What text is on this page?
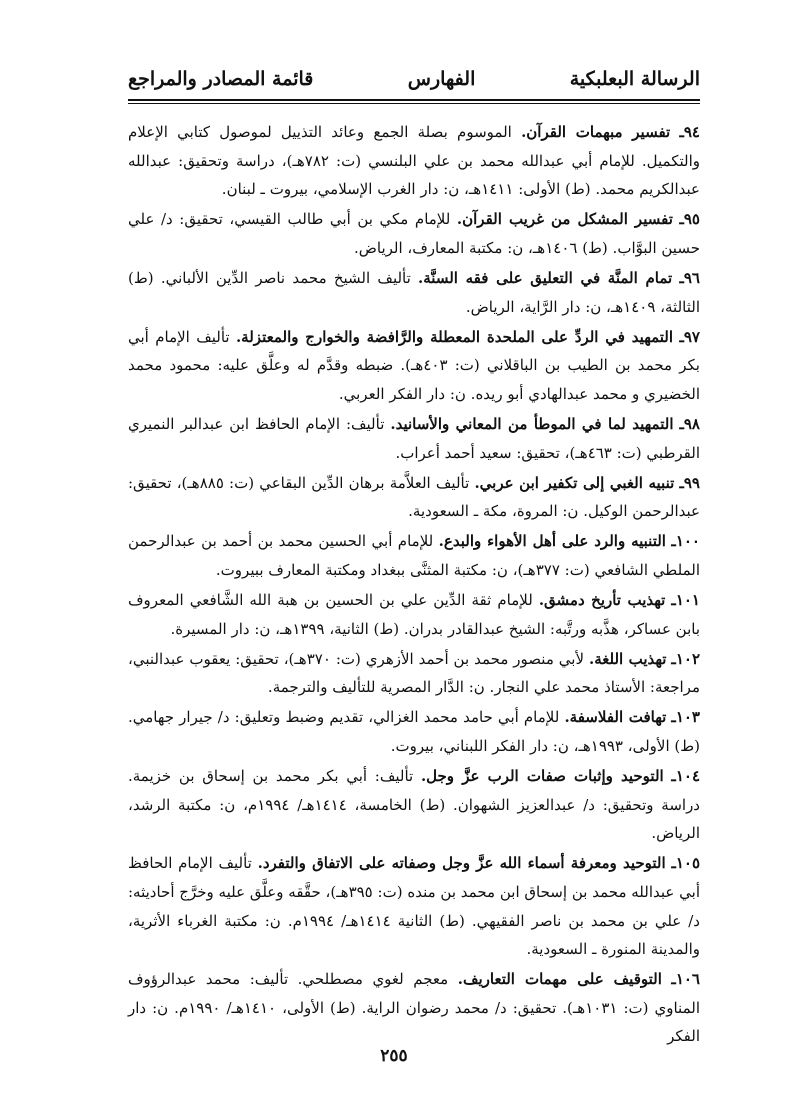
الرسالة البعلبكية
الفهارس
قائمة المصادر والمراجع

٩٤ـ تفسير مبهمات القرآن. الموسوم بصلة الجمع وعائد التذييل لموصول كتابي الإعلام والتكميل. للإمام أبي عبدالله محمد بن علي البلنسي (ت: ٧٨٢هـ)، دراسة وتحقيق: عبدالله عبدالكريم محمد. (ط) الأولى: ١٤١١هـ، ن: دار الغرب الإسلامي، بيروت ـ لبنان.

٩٥ـ تفسير المشكل من غريب القرآن. للإمام مكي بن أبي طالب القيسي، تحقيق: د/ علي حسين البوَّاب. (ط) ١٤٠٦هـ، ن: مكتبة المعارف، الرياض.

٩٦ـ تمام المنَّة في التعليق على فقه السنَّة. تأليف الشيخ محمد ناصر الدِّين الألباني. (ط) الثالثة، ١٤٠٩هـ، ن: دار الرَّاية، الرياض.

٩٧ـ التمهيد في الردِّ على الملحدة المعطلة والرَّافضة والخوارج والمعتزلة. تأليف الإمام أبي بكر محمد بن الطيب بن الباقلاني (ت: ٤٠٣هـ). ضبطه وقدَّم له وعلَّق عليه: محمود محمد الخضيري و محمد عبدالهادي أبو ريده. ن: دار الفكر العربي.

٩٨ـ التمهيد لما في الموطأ من المعاني والأسانيد. تأليف: الإمام الحافظ ابن عبدالبر النميري القرطبي (ت: ٤٦٣هـ)، تحقيق: سعيد أحمد أعراب.

٩٩ـ تنبيه الغبي إلى تكفير ابن عربي. تأليف العلاَّمة برهان الدِّين البقاعي (ت: ٨٨٥هـ)، تحقيق: عبدالرحمن الوكيل. ن: المروة، مكة ـ السعودية.

١٠٠ـ التنبيه والرد على أهل الأهواء والبدع. للإمام أبي الحسين محمد بن أحمد بن عبدالرحمن الملطي الشافعي (ت: ٣٧٧هـ)، ن: مكتبة المثنَّى ببغداد ومكتبة المعارف ببيروت.

١٠١ـ تهذيب تأريخ دمشق. للإمام ثقة الدِّين علي بن الحسين بن هبة الله الشَّافعي المعروف بابن عساكر، هذَّبه ورتَّبه: الشيخ عبدالقادر بدران. (ط) الثانية، ١٣٩٩هـ، ن: دار المسيرة.

١٠٢ـ تهذيب اللغة. لأبي منصور محمد بن أحمد الأزهري (ت: ٣٧٠هـ)، تحقيق: يعقوب عبدالنبي، مراجعة: الأستاذ محمد علي النجار. ن: الدَّار المصرية للتأليف والترجمة.

١٠٣ـ تهافت الفلاسفة. للإمام أبي حامد محمد الغزالي، تقديم وضبط وتعليق: د/ جيرار جهامي. (ط) الأولى، ١٩٩٣هـ، ن: دار الفكر اللبناني، بيروت.

١٠٤ـ التوحيد وإثبات صفات الرب عزَّ وجل. تأليف: أبي بكر محمد بن إسحاق بن خزيمة. دراسة وتحقيق: د/ عبدالعزيز الشهوان. (ط) الخامسة، ١٤١٤هـ/ ١٩٩٤م، ن: مكتبة الرشد، الرياض.

١٠٥ـ التوحيد ومعرفة أسماء الله عزَّ وجل وصفاته على الاتفاق والتفرد. تأليف الإمام الحافظ أبي عبدالله محمد بن إسحاق ابن محمد بن منده (ت: ٣٩٥هـ)، حقَّقه وعلَّق عليه وخرَّج أحاديثه: د/ علي بن محمد بن ناصر الفقيهي. (ط) الثانية ١٤١٤هـ/ ١٩٩٤م. ن: مكتبة الغرباء الأثرية، والمدينة المنورة ـ السعودية.

١٠٦ـ التوقيف على مهمات التعاريف. معجم لغوي مصطلحي. تأليف: محمد عبدالرؤوف المناوي (ت: ١٠٣١هـ). تحقيق: د/ محمد رضوان الراية. (ط) الأولى، ١٤١٠هـ/ ١٩٩٠م. ن: دار الفكر

٢٥٥
